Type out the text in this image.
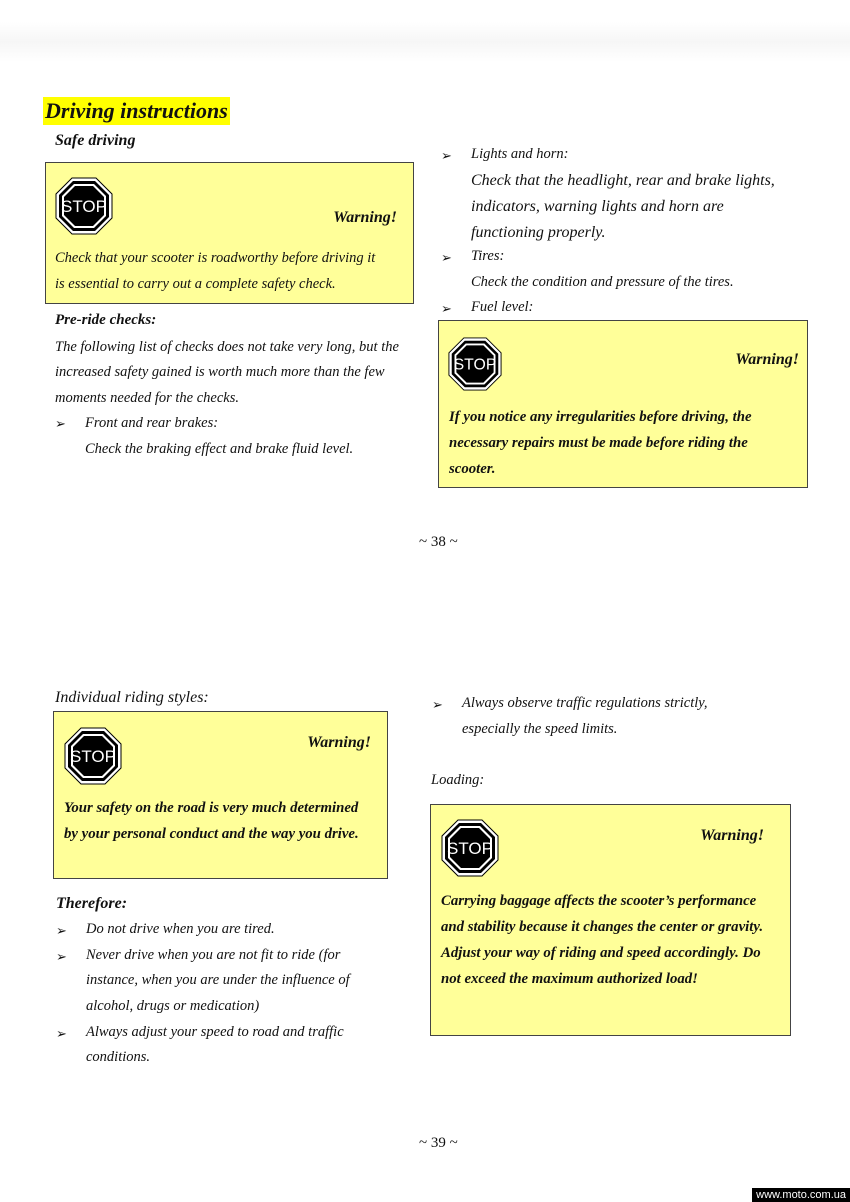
Driving instructions
Safe driving
STOP
Warning!
Check that your scooter is roadworthy before driving it
is essential to carry out a complete safety check.
Pre-ride checks:
The following list of checks does not take very long, but the
increased safety gained is worth much more than the few
moments needed for the checks.
➢ Front and rear brakes:
Check the braking effect and brake fluid level.
➢ Lights and horn:
Check that the headlight, rear and brake lights,
indicators, warning lights and horn are
functioning properly.
➢ Tires:
Check the condition and pressure of the tires.
➢ Fuel level:
STOP	Warning!
If you notice any irregularities before driving, the
necessary repairs must be made before riding the
scooter.
~ 38 ~
Individual riding styles:
STOP
Warning!
Your safety on the road is very much determined
by your personal conduct and the way you drive.
Therefore:
➢ Do not drive when you are tired.
➢ Never drive when you are not fit to ride (for
instance, when you are under the influence of
alcohol, drugs or medication)
➢ Always adjust your speed to road and traffic
conditions.
➢ Always observe traffic regulations strictly,
especially the speed limits.
Loading:
STOP
Warning!
Carrying baggage affects the scooter’s performance
and stability because it changes the center or gravity.
Adjust your way of riding and speed accordingly. Do
not exceed the maximum authorized load!
~ 39 ~
www.moto.com.ua
